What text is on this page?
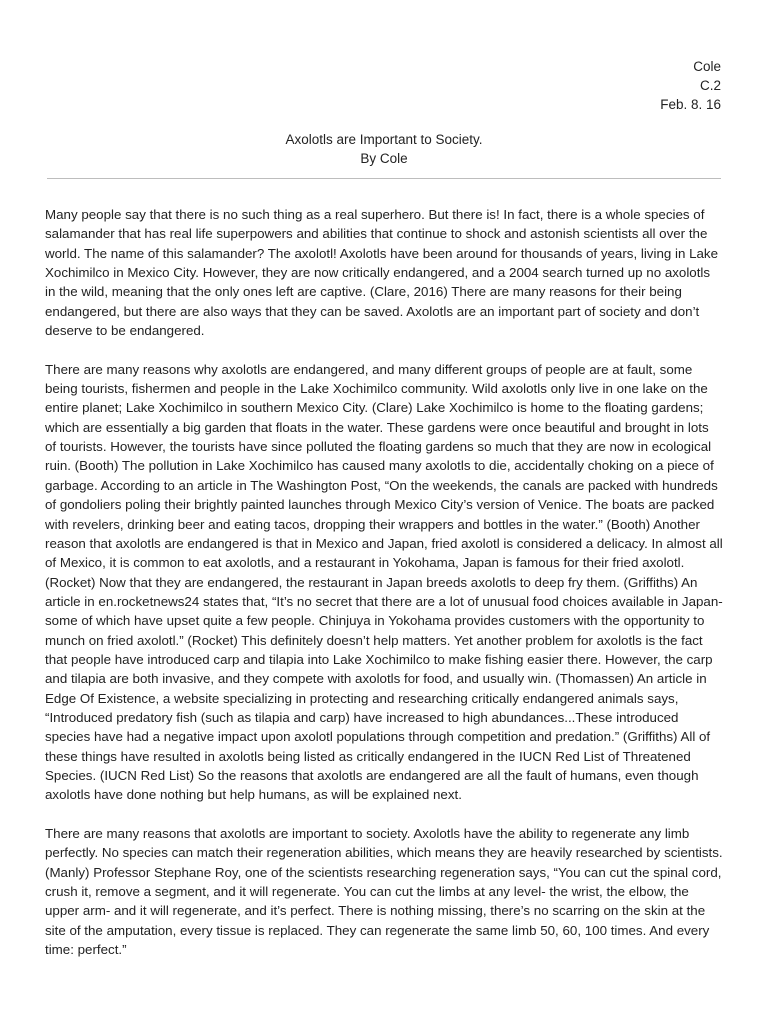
Cole
C.2
Feb. 8. 16
Axolotls are Important to Society.
By Cole

Many people say that there is no such thing as a real superhero. But there is! In fact, there is a whole species of salamander that has real life superpowers and abilities that continue to shock and astonish scientists all over the world. The name of this salamander? The axolotl! Axolotls have been around for thousands of years, living in Lake Xochimilco in Mexico City. However, they are now critically endangered, and a 2004 search turned up no axolotls in the wild, meaning that the only ones left are captive. (Clare, 2016) There are many reasons for their being endangered, but there are also ways that they can be saved. Axolotls are an important part of society and don’t deserve to be endangered.

There are many reasons why axolotls are endangered, and many different groups of people are at fault, some being tourists, fishermen and people in the Lake Xochimilco community. Wild axolotls only live in one lake on the entire planet; Lake Xochimilco in southern Mexico City. (Clare) Lake Xochimilco is home to the floating gardens; which are essentially a big garden that floats in the water. These gardens were once beautiful and brought in lots of tourists. However, the tourists have since polluted the floating gardens so much that they are now in ecological ruin. (Booth) The pollution in Lake Xochimilco has caused many axolotls to die, accidentally choking on a piece of garbage. According to an article in The Washington Post, “On the weekends, the canals are packed with hundreds of gondoliers poling their brightly painted launches through Mexico City’s version of Venice. The boats are packed with revelers, drinking beer and eating tacos, dropping their wrappers and bottles in the water.” (Booth) Another reason that axolotls are endangered is that in Mexico and Japan, fried axolotl is considered a delicacy. In almost all of Mexico, it is common to eat axolotls, and a restaurant in Yokohama, Japan is famous for their fried axolotl. (Rocket) Now that they are endangered, the restaurant in Japan breeds axolotls to deep fry them. (Griffiths) An article in en.rocketnews24 states that, “It’s no secret that there are a lot of unusual food choices available in Japan- some of which have upset quite a few people. Chinjuya in Yokohama provides customers with the opportunity to munch on fried axolotl.” (Rocket) This definitely doesn’t help matters. Yet another problem for axolotls is the fact that people have introduced carp and tilapia into Lake Xochimilco to make fishing easier there. However, the carp and tilapia are both invasive, and they compete with axolotls for food, and usually win. (Thomassen) An article in Edge Of Existence, a website specializing in protecting and researching critically endangered animals says, “Introduced predatory fish (such as tilapia and carp) have increased to high abundances...These introduced species have had a negative impact upon axolotl populations through competition and predation.” (Griffiths) All of these things have resulted in axolotls being listed as critically endangered in the IUCN Red List of Threatened Species. (IUCN Red List) So the reasons that axolotls are endangered are all the fault of humans, even though axolotls have done nothing but help humans, as will be explained next.

There are many reasons that axolotls are important to society. Axolotls have the ability to regenerate any limb perfectly. No species can match their regeneration abilities, which means they are heavily researched by scientists. (Manly) Professor Stephane Roy, one of the scientists researching regeneration says, “You can cut the spinal cord, crush it, remove a segment, and it will regenerate. You can cut the limbs at any level- the wrist, the elbow, the upper arm- and it will regenerate, and it’s perfect. There is nothing missing, there’s no scarring on the skin at the site of the amputation, every tissue is replaced. They can regenerate the same limb 50, 60, 100 times. And every time: perfect.”
